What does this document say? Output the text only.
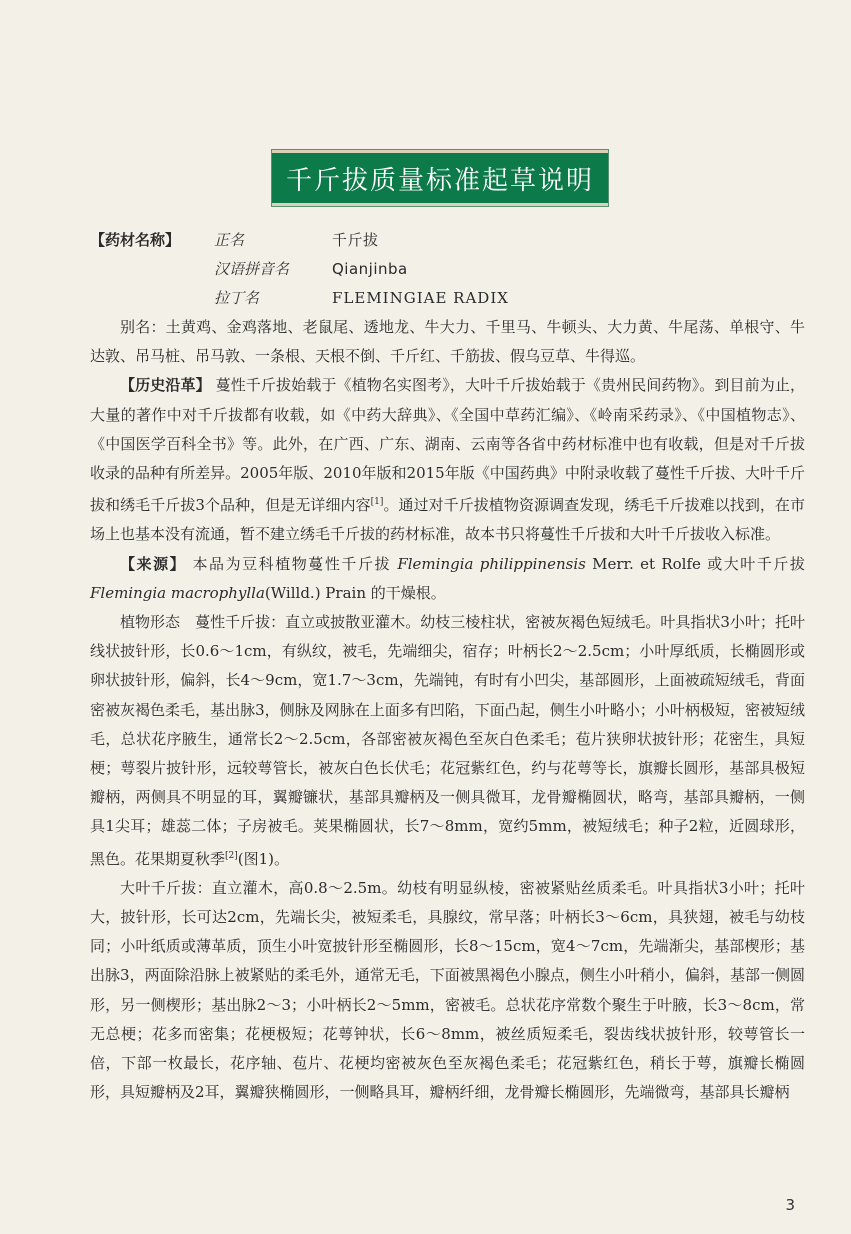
千斤拔质量标准起草说明
【药材名称】	正名	千斤拔
汉语拼音名	Qianjinba
拉丁名	FLEMINGIAE RADIX

别名：土黄鸡、金鸡落地、老鼠尾、透地龙、牛大力、千里马、牛顿头、大力黄、牛尾荡、单根守、牛达敦、吊马桩、吊马敦、一条根、天根不倒、千斤红、千筋拔、假乌豆草、牛得巡。

【历史沿革】 蔓性千斤拔始载于《植物名实图考》，大叶千斤拔始载于《贵州民间药物》。到目前为止，大量的著作中对千斤拔都有收载，如《中药大辞典》、《全国中草药汇编》、《岭南采药录》、《中国植物志》、《中国医学百科全书》等。此外，在广西、广东、湖南、云南等各省中药材标准中也有收载，但是对千斤拔收录的品种有所差异。2005年版、2010年版和2015年版《中国药典》中附录收载了蔓性千斤拔、大叶千斤拔和绣毛千斤拔3个品种，但是无详细内容[1]。通过对千斤拔植物资源调查发现，绣毛千斤拔难以找到，在市场上也基本没有流通，暂不建立绣毛千斤拔的药材标准，故本书只将蔓性千斤拔和大叶千斤拔收入标准。

【来源】 本品为豆科植物蔓性千斤拔 Flemingia philippinensis Merr. et Rolfe 或大叶千斤拔 Flemingia macrophylla(Willd.) Prain 的干燥根。

植物形态　 蔓性千斤拔：直立或披散亚灌木。幼枝三棱柱状，密被灰褐色短绒毛。叶具指状3小叶；托叶线状披针形，长0.6～1cm，有纵纹，被毛，先端细尖，宿存；叶柄长2～2.5cm；小叶厚纸质，长椭圆形或卵状披针形，偏斜，长4～9cm，宽1.7～3cm，先端钝，有时有小凹尖，基部圆形，上面被疏短绒毛，背面密被灰褐色柔毛，基出脉3，侧脉及网脉在上面多有凹陷，下面凸起，侧生小叶略小；小叶柄极短，密被短绒毛，总状花序腋生，通常长2～2.5cm，各部密被灰褐色至灰白色柔毛；苞片狭卵状披针形；花密生，具短梗；萼裂片披针形，远较萼管长，被灰白色长伏毛；花冠紫红色，约与花萼等长，旗瓣长圆形，基部具极短瓣柄，两侧具不明显的耳，翼瓣镰状，基部具瓣柄及一侧具微耳，龙骨瓣椭圆状，略弯，基部具瓣柄，一侧具1尖耳；雄蕊二体；子房被毛。荚果椭圆状，长7～8mm，宽约5mm，被短绒毛；种子2粒，近圆球形，黑色。花果期夏秋季[2](图1)。

大叶千斤拔：直立灌木，高0.8～2.5m。幼枝有明显纵棱，密被紧贴丝质柔毛。叶具指状3小叶；托叶大，披针形，长可达2cm，先端长尖，被短柔毛，具腺纹，常早落；叶柄长3～6cm，具狭翅，被毛与幼枝同；小叶纸质或薄革质，顶生小叶宽披针形至椭圆形，长8～15cm，宽4～7cm，先端渐尖，基部楔形；基出脉3，两面除沿脉上被紧贴的柔毛外，通常无毛，下面被黑褐色小腺点，侧生小叶稍小，偏斜，基部一侧圆形，另一侧楔形；基出脉2～3；小叶柄长2～5mm，密被毛。总状花序常数个聚生于叶腋，长3～8cm，常无总梗；花多而密集；花梗极短；花萼钟状，长6～8mm，被丝质短柔毛，裂齿线状披针形，较萼管长一倍，下部一枚最长，花序轴、苞片、花梗均密被灰色至灰褐色柔毛；花冠紫红色，稍长于萼，旗瓣长椭圆形，具短瓣柄及2耳，翼瓣狭椭圆形，一侧略具耳，瓣柄纤细，龙骨瓣长椭圆形，先端微弯，基部具长瓣柄

3
